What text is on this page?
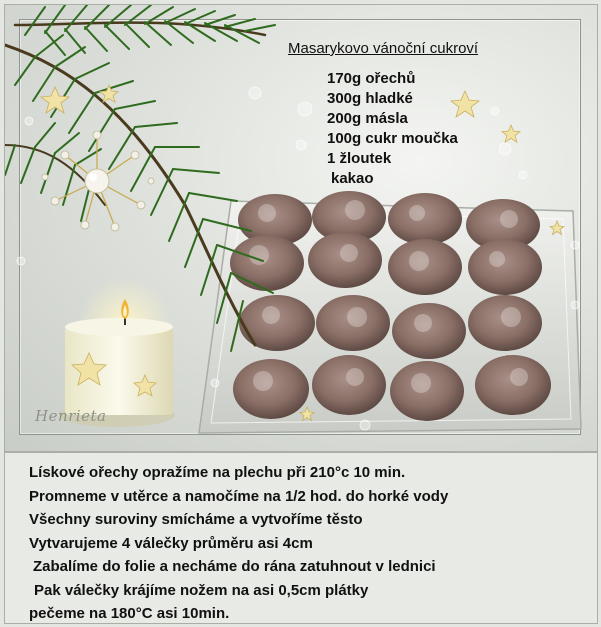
Henrieta
Masarykovo vánoční cukroví
170g ořechů
300g hladké
200g másla
100g cukr moučka
1 žloutek
kakao
Lískové ořechy opražíme na plechu při 210°c 10 min.
Promneme v utěrce a namočíme na 1/2 hod. do horké vody
Všechny suroviny smícháme a vytvoříme těsto
Vytvarujeme 4 válečky průměru asi 4cm
Zabalíme do folie a necháme do rána zatuhnout v lednici
Pak válečky krájíme nožem na asi 0,5cm plátky
pečeme na 180°C asi 10min.
